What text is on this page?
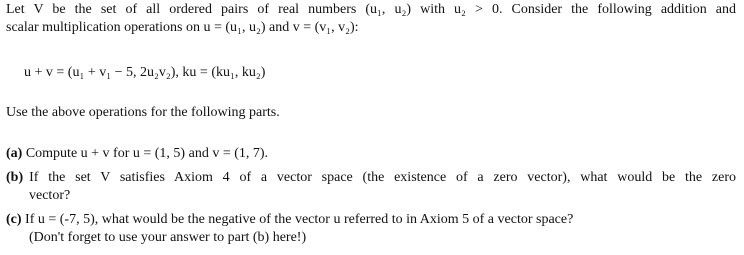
Let V be the set of all ordered pairs of real numbers (u₁, u₂) with u₂ > 0. Consider the following addition and
scalar multiplication operations on u = (u₁, u₂) and v = (v₁, v₂):
u + v = (u₁ + v₁ − 5, 2u₂v₂), ku = (ku₁, ku₂)
Use the above operations for the following parts.
(a) Compute u + v for u = (1, 5) and v = (1, 7).
(b) If the set V satisfies Axiom 4 of a vector space (the existence of a zero vector), what would be the zero
vector?
(c) If u = (-7, 5), what would be the negative of the vector u referred to in Axiom 5 of a vector space?
(Don't forget to use your answer to part (b) here!)
